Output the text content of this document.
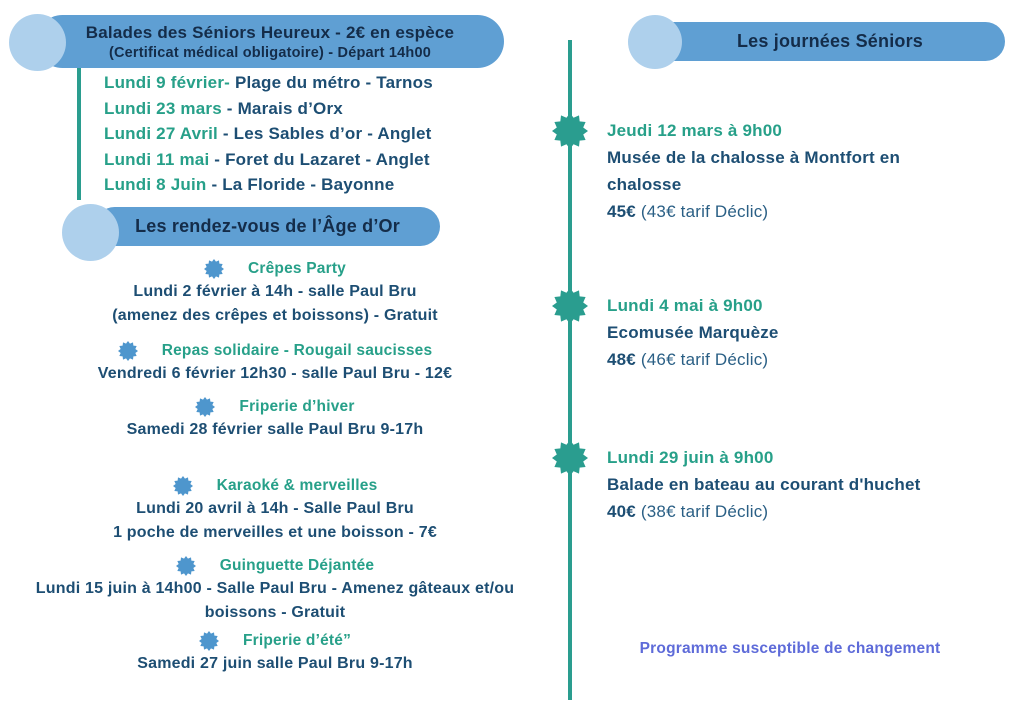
Balades des Séniors Heureux - 2€ en espèce
(Certificat médical obligatoire) - Départ 14h00
Lundi 9 février- Plage du métro - Tarnos
Lundi 23 mars - Marais d’Orx
Lundi 27 Avril - Les Sables d’or - Anglet
Lundi 11 mai - Foret du Lazaret - Anglet
Lundi 8 Juin - La Floride - Bayonne
Les rendez-vous de l’Âge d’Or
Crêpes Party
Lundi 2 février à 14h - salle Paul Bru
(amenez des crêpes et boissons) - Gratuit
Repas solidaire - Rougail saucisses
Vendredi 6 février 12h30 - salle Paul Bru - 12€
Friperie d’hiver
Samedi 28 février salle Paul Bru 9-17h
Karaoké & merveilles
Lundi 20 avril à 14h - Salle Paul Bru
1 poche de merveilles et une boisson - 7€
Guinguette Déjantée
Lundi 15 juin à 14h00 - Salle Paul Bru - Amenez gâteaux et/ou
boissons - Gratuit
Friperie d’été”
Samedi 27 juin salle Paul Bru 9-17h
Les journées Séniors
Jeudi 12 mars à 9h00
Musée de la chalosse à Montfort en
chalosse
45€ (43€ tarif Déclic)
Lundi 4 mai à 9h00
Ecomusée Marquèze
48€ (46€ tarif Déclic)
Lundi 29 juin à 9h00
Balade en bateau au courant d'huchet
40€ (38€ tarif Déclic)
Programme susceptible de changement
